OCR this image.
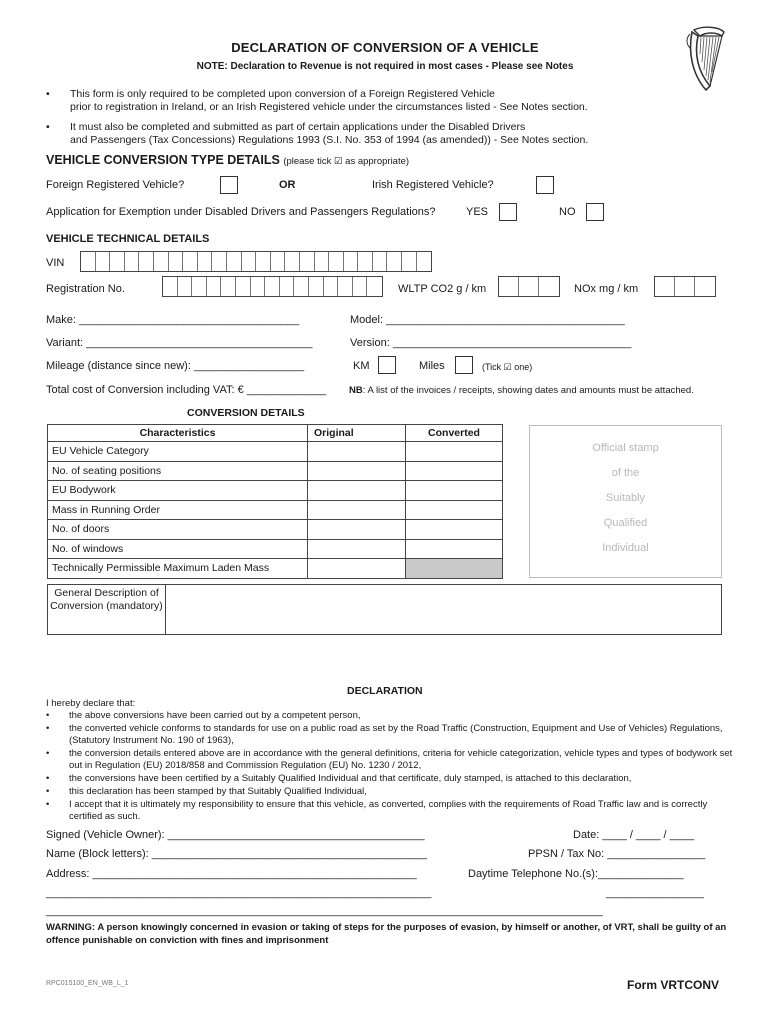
DECLARATION OF CONVERSION OF A VEHICLE
NOTE: Declaration to Revenue is not required in most cases - Please see Notes
• This form is only required to be completed upon conversion of a Foreign Registered Vehicle
prior to registration in Ireland, or an Irish Registered vehicle under the circumstances listed - See Notes section.
• It must also be completed and submitted as part of certain applications under the Disabled Drivers
and Passengers (Tax Concessions) Regulations 1993 (S.I. No. 353 of 1994 (as amended)) - See Notes section.
VEHICLE CONVERSION TYPE DETAILS (please tick ☑ as appropriate)
Foreign Registered Vehicle?	OR	Irish Registered Vehicle?
Application for Exemption under Disabled Drivers and Passengers Regulations?	YES	NO
VEHICLE TECHNICAL DETAILS
VIN
Registration No.	WLTP CO2 g / km	NOx mg / km
Make: ____________________________________	Model: _______________________________________
Variant: _____________________________________	Version: _______________________________________
Mileage (distance since new): __________________	KM	Miles	(Tick ☑ one)
Total cost of Conversion including VAT: € _____________ NB: A list of the invoices / receipts, showing dates and amounts must be attached.
CONVERSION DETAILS
Characteristics	Original	Converted
EU Vehicle Category		
No. of seating positions		
EU Bodywork		
Mass in Running Order		
No. of doors		
No. of windows		
Technically Permissible Maximum Laden Mass		
Official stamp
of the
Suitably
Qualified
Individual
General Description of Conversion (mandatory)
DECLARATION
I hereby declare that:
• the above conversions have been carried out by a competent person,
• the converted vehicle conforms to standards for use on a public road as set by the Road Traffic (Construction, Equipment and Use of Vehicles) Regulations, (Statutory Instrument No. 190 of 1963),
• the conversion details entered above are in accordance with the general definitions, criteria for vehicle categorization, vehicle types and types of bodywork set out in Regulation (EU) 2018/858 and Commission Regulation (EU) No. 1230 / 2012,
• the conversions have been certified by a Suitably Qualified Individual and that certificate, duly stamped, is attached to this declaration,
• this declaration has been stamped by that Suitably Qualified Individual,
• I accept that it is ultimately my responsibility to ensure that this vehicle, as converted, complies with the requirements of Road Traffic law and is correctly certified as such.
Signed (Vehicle Owner): __________________________________________	Date: ____ / ____ / ____
Name (Block letters): _____________________________________________	PPSN / Tax No: ________________
Address: _____________________________________________________	Daytime Telephone No.(s):______________
_______________________________________________________________	________________
___________________________________________________________________________________________
WARNING: A person knowingly concerned in evasion or taking of steps for the purposes of evasion, by himself or another, of VRT, shall be guilty of an offence punishable on conviction with fines and imprisonment
RPC015100_EN_WB_L_1	Form VRTCONV
